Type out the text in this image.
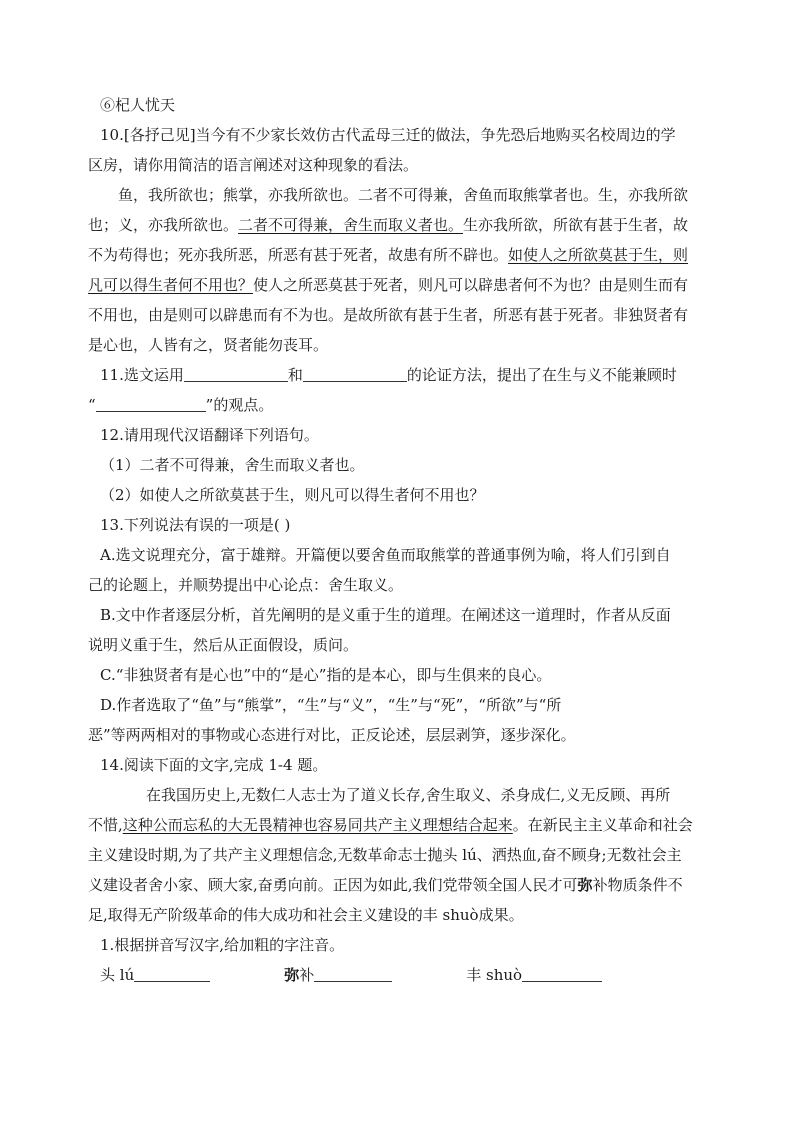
⑥杞人忧天
10.[各抒己见]当今有不少家长效仿古代孟母三迁的做法，争先恐后地购买名校周边的学
区房，请你用简洁的语言阐述对这种现象的看法。
鱼，我所欲也；熊掌，亦我所欲也。二者不可得兼，舍鱼而取熊掌者也。生，亦我所欲
也；义，亦我所欲也。二者不可得兼，舍生而取义者也。生亦我所欲，所欲有甚于生者，故
不为苟得也；死亦我所恶，所恶有甚于死者，故患有所不辟也。如使人之所欲莫甚于生，则
凡可以得生者何不用也？使人之所恶莫甚于死者，则凡可以辟患者何不为也？由是则生而有
不用也，由是则可以辟患而有不为也。是故所欲有甚于生者，所恶有甚于死者。非独贤者有
是心也，人皆有之，贤者能勿丧耳。
11.选文运用	和	的论证方法，提出了在生与义不能兼顾时
“	”的观点。
12.请用现代汉语翻译下列语句。
（1）二者不可得兼，舍生而取义者也。
（2）如使人之所欲莫甚于生，则凡可以得生者何不用也？
13.下列说法有误的一项是( )
A.选文说理充分，富于雄辩。开篇便以要舍鱼而取熊掌的普通事例为喻，将人们引到自
己的论题上，并顺势提出中心论点：舍生取义。
B.文中作者逐层分析，首先阐明的是义重于生的道理。在阐述这一道理时，作者从反面
说明义重于生，然后从正面假设，质问。
C.“非独贤者有是心也”中的“是心”指的是本心，即与生俱来的良心。
D.作者选取了“鱼”与“熊掌”，“生”与“义”，“生”与“死”，“所欲”与“所
恶”等两两相对的事物或心态进行对比，正反论述，层层剥笋，逐步深化。
14.阅读下面的文字,完成 1-4 题。
在我国历史上,无数仁人志士为了道义长存,舍生取义、杀身成仁,义无反顾、再所
不惜,这种公而忘私的大无畏精神也容易同共产主义理想结合起来。在新民主主义革命和社会
主义建设时期,为了共产主义理想信念,无数革命志士抛头 lú、洒热血,奋不顾身;无数社会主
义建设者舍小家、顾大家,奋勇向前。正因为如此,我们党带领全国人民才可弥补物质条件不
足,取得无产阶级革命的伟大成功和社会主义建设的丰 shuò成果。
1.根据拼音写汉字,给加粗的字注音。
头 lú	弥补	丰 shuò
